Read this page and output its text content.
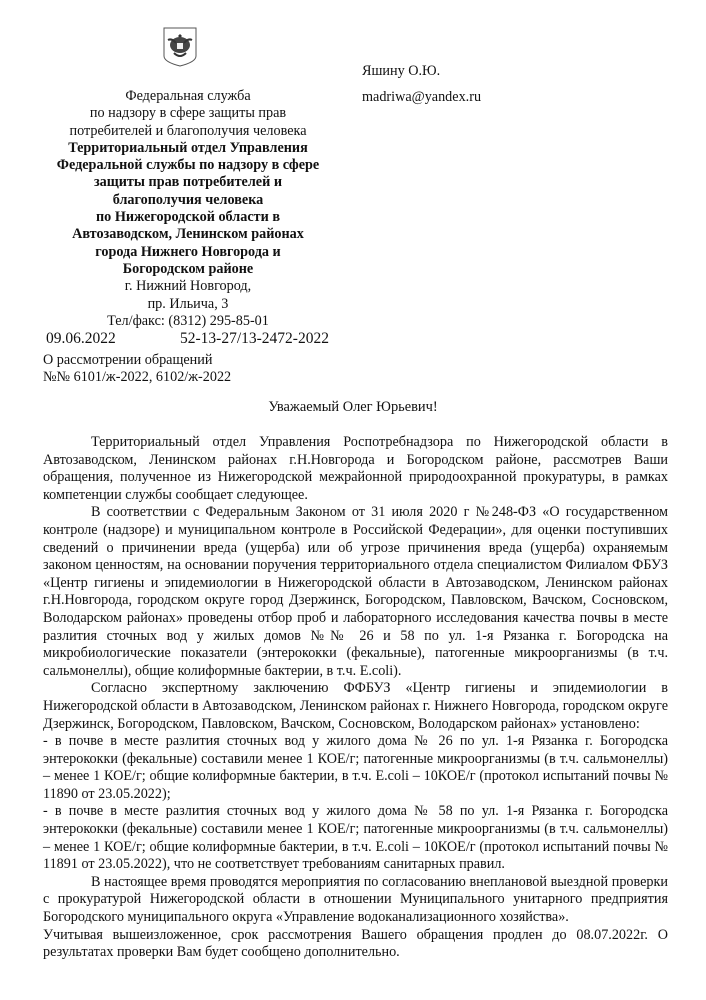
Федеральная служба
по надзору в сфере защиты прав
потребителей и благополучия человека
Территориальный отдел Управления
Федеральной службы по надзору в сфере
защиты прав потребителей и
благополучия человека
по Нижегородской области в
Автозаводском, Ленинском районах
города Нижнего Новгорода и
Богородском районе
г. Нижний Новгород,
пр. Ильича, 3
Тел/факс: (8312) 295-85-01
Яшину О.Ю.
madriwa@yandex.ru
09.06.2022	52-13-27/13-2472-2022
О рассмотрении обращений
№№ 6101/ж-2022, 6102/ж-2022
Уважаемый Олег Юрьевич!

Территориальный отдел Управления Роспотребнадзора по Нижегородской области в Автозаводском, Ленинском районах г.Н.Новгорода и Богородском районе, рассмотрев Ваши обращения, полученное из Нижегородской межрайонной природоохранной прокуратуры, в рамках компетенции службы сообщает следующее.

В соответствии с Федеральным Законом от 31 июля 2020 г №248-ФЗ «О государственном контроле (надзоре) и муниципальном контроле в Российской Федерации», для оценки поступивших сведений о причинении вреда (ущерба) или об угрозе причинения вреда (ущерба) охраняемым законом ценностям, на основании поручения территориального отдела специалистом Филиалом ФБУЗ «Центр гигиены и эпидемиологии в Нижегородской области в Автозаводском, Ленинском районах г.Н.Новгорода, городском округе город Дзержинск, Богородском, Павловском, Вачском, Сосновском, Володарском районах» проведены отбор проб и лабораторного исследования качества почвы в месте разлития сточных вод у жилых домов №№ 26 и 58 по ул. 1-я Рязанка г. Богородска на микробиологические показатели (энтерококки (фекальные), патогенные микроорганизмы (в т.ч. сальмонеллы), общие колиформные бактерии, в т.ч. E.coli).

Согласно экспертному заключению ФФБУЗ «Центр гигиены и эпидемиологии в Нижегородской области в Автозаводском, Ленинском районах г. Нижнего Новгорода, городском округе Дзержинск, Богородском, Павловском, Вачском, Сосновском, Володарском районах» установлено:

- в почве в месте разлития сточных вод у жилого дома № 26 по ул. 1-я Рязанка г. Богородска энтерококки (фекальные) составили менее 1 КОЕ/г; патогенные микроорганизмы (в т.ч. сальмонеллы) – менее 1 КОЕ/г; общие колиформные бактерии, в т.ч. E.coli – 10КОЕ/г (протокол испытаний почвы № 11890 от 23.05.2022);

- в почве в месте разлития сточных вод у жилого дома № 58 по ул. 1-я Рязанка г. Богородска энтерококки (фекальные) составили менее 1 КОЕ/г; патогенные микроорганизмы (в т.ч. сальмонеллы) – менее 1 КОЕ/г; общие колиформные бактерии, в т.ч. E.coli – 10КОЕ/г (протокол испытаний почвы № 11891 от 23.05.2022), что не соответствует требованиям санитарных правил.

В настоящее время проводятся мероприятия по согласованию внеплановой выездной проверки с прокуратурой Нижегородской области в отношении Муниципального унитарного предприятия Богородского муниципального округа «Управление водоканализационного хозяйства».

Учитывая вышеизложенное, срок рассмотрения Вашего обращения продлен до 08.07.2022г. О результатах проверки Вам будет сообщено дополнительно.
